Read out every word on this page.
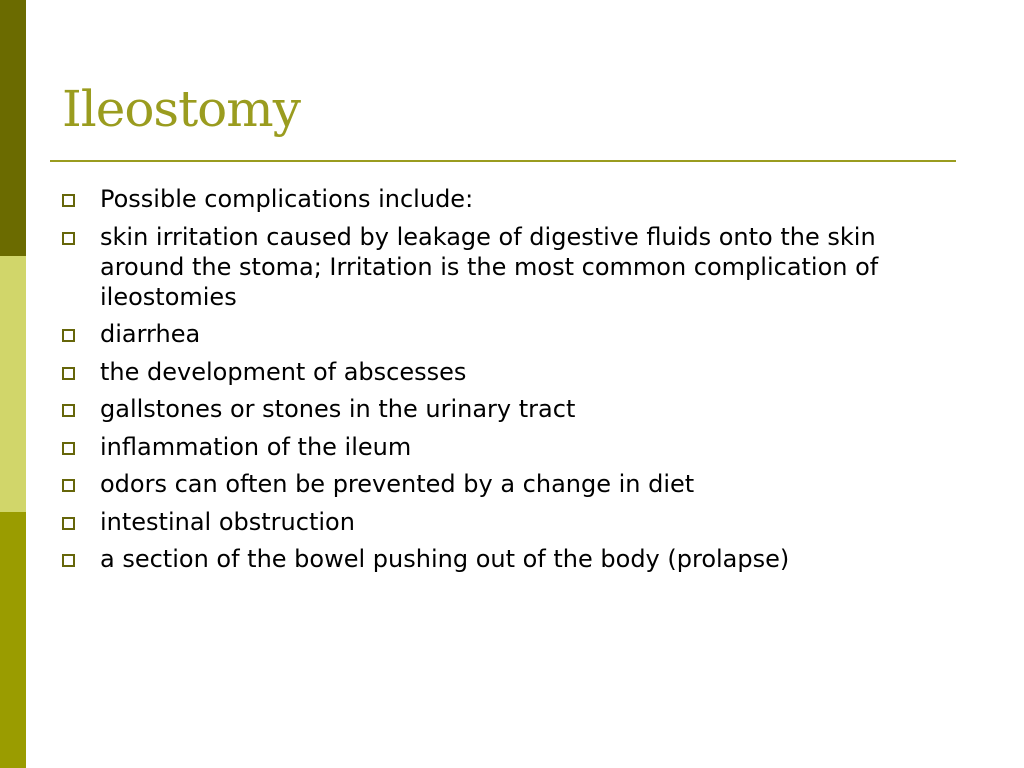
Ileostomy
Possible complications include:
skin irritation caused by leakage of digestive fluids onto the skin around the stoma; Irritation is the most common complication of ileostomies
diarrhea
the development of abscesses
gallstones or stones in the urinary tract
inflammation of the ileum
odors can often be prevented by a change in diet
intestinal obstruction
a section of the bowel pushing out of the body (prolapse)
